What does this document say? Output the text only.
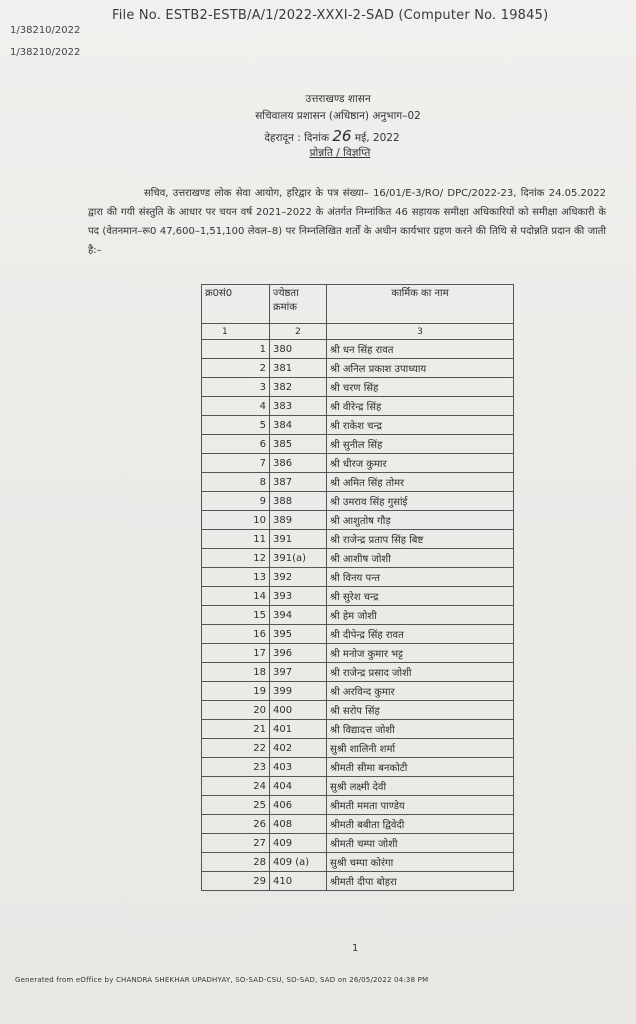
1/38210/2022
1/38210/2022
File No. ESTB2-ESTB/A/1/2022-XXXI-2-SAD (Computer No. 19845)
उत्तराखण्ड शासन
सचिवालय प्रशासन (अधिष्ठान) अनुभाग–02
देहरादून : दिनांक 26 मई, 2022
प्रोन्नति / विज्ञप्ति
सचिव, उत्तराखण्ड लोक सेवा आयोग, हरिद्वार के पत्र संख्या– 16/01/E-3/RO/ DPC/2022-23, दिनांक 24.05.2022 द्वारा की गयी संस्तुति के आधार पर चयन वर्ष 2021–2022 के अंतर्गत निम्नांकित 46 सहायक समीक्षा अधिकारियों को समीक्षा अधिकारी के पद (वेतनमान–रू0 47,600–1,51,100 लेवल–8) पर निम्नलिखित शर्तों के अधीन कार्यभार ग्रहण करने की तिथि से पदोन्नति प्रदान की जाती है:–
क्र0सं0	ज्येष्ठता क्रमांक	कार्मिक का नाम
1	2	3
1	380	श्री धन सिंह रावत
2	381	श्री अनिल प्रकाश उपाध्याय
3	382	श्री चरण सिंह
4	383	श्री वीरेन्द्र सिंह
5	384	श्री राकेश चन्द्र
6	385	श्री सुनील सिंह
7	386	श्री धीरज कुमार
8	387	श्री अमित सिंह तोमर
9	388	श्री उमराव सिंह गुसांई
10	389	श्री आशुतोष गौड़
11	391	श्री राजेन्द्र प्रताप सिंह बिष्ट
12	391(a)	श्री आशीष जोशी
13	392	श्री विनय पन्त
14	393	श्री सुरेश चन्द्र
15	394	श्री हेम जोशी
16	395	श्री दीपेन्द्र सिंह रावत
17	396	श्री मनोज कुमार भट्ट
18	397	श्री राजेन्द्र प्रसाद जोशी
19	399	श्री अरविन्द कुमार
20	400	श्री सरोप सिंह
21	401	श्री विद्यादत्त जोशी
22	402	सुश्री शालिनी शर्मा
23	403	श्रीमती सीमा बनकोटी
24	404	सुश्री लक्ष्मी देवी
25	406	श्रीमती ममता पाण्डेय
26	408	श्रीमती बबीता द्विवेदी
27	409	श्रीमती चम्पा जोशी
28	409 (a)	सुश्री चम्पा कोरंगा
29	410	श्रीमती दीपा बोहरा
1
Generated from eOffice by CHANDRA SHEKHAR UPADHYAY, SO-SAD-CSU, SO-SAD, SAD on 26/05/2022 04:38 PM
